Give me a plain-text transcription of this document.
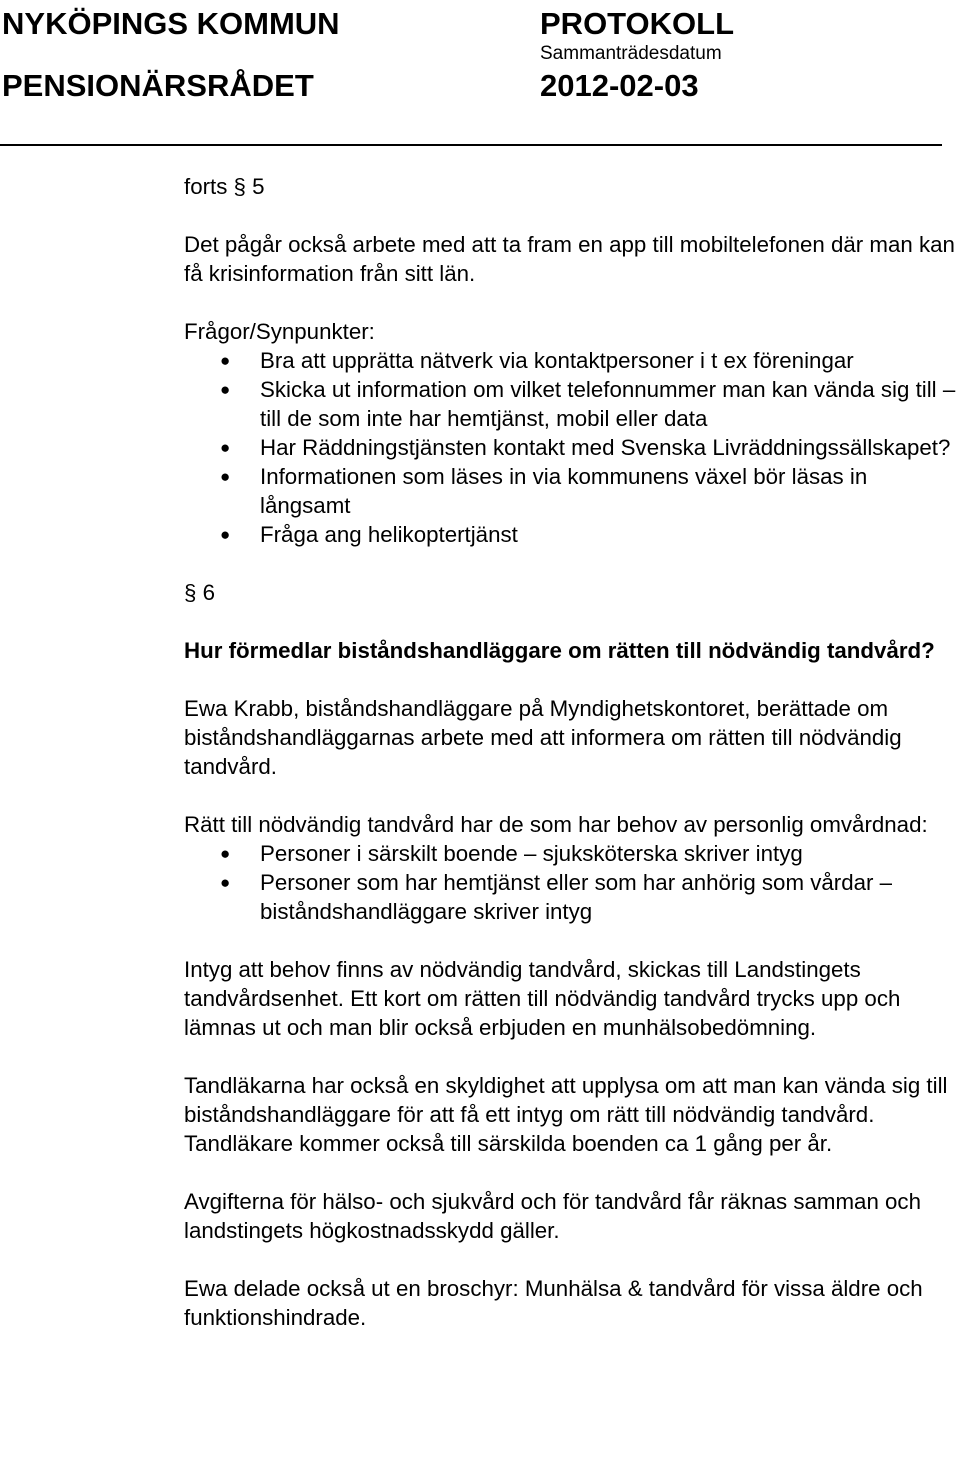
NYKÖPINGS KOMMUN
PENSIONÄRSRÅDET
PROTOKOLL
Sammanträdesdatum
2012-02-03

forts § 5

Det pågår också arbete med att ta fram en app till mobiltelefonen där man kan få krisinformation från sitt län.

Frågor/Synpunkter:

● Bra att upprätta nätverk via kontaktpersoner i t ex föreningar
● Skicka ut information om vilket telefonnummer man kan vända sig till – till de som inte har hemtjänst, mobil eller data
● Har Räddningstjänsten kontakt med Svenska Livräddningssällskapet?
● Informationen som läses in via kommunens växel bör läsas in långsamt
● Fråga ang helikoptertjänst

§ 6

Hur förmedlar biståndshandläggare om rätten till nödvändig tandvård?

Ewa Krabb, biståndshandläggare på Myndighetskontoret, berättade om biståndshandläggarnas arbete med att informera om rätten till nödvändig tandvård.

Rätt till nödvändig tandvård har de som har behov av personlig omvårdnad:

● Personer i särskilt boende – sjuksköterska skriver intyg
● Personer som har hemtjänst eller som har anhörig som vårdar – biståndshandläggare skriver intyg

Intyg att behov finns av nödvändig tandvård, skickas till Landstingets tandvårdsenhet. Ett kort om rätten till nödvändig tandvård trycks upp och lämnas ut och man blir också erbjuden en munhälsobedömning.

Tandläkarna har också en skyldighet att upplysa om att man kan vända sig till biståndshandläggare för att få ett intyg om rätt till nödvändig tandvård. Tandläkare kommer också till särskilda boenden ca 1 gång per år.

Avgifterna för hälso- och sjukvård och för tandvård får räknas samman och landstingets högkostnadsskydd gäller.

Ewa delade också ut en broschyr: Munhälsa & tandvård för vissa äldre och funktionshindrade.
